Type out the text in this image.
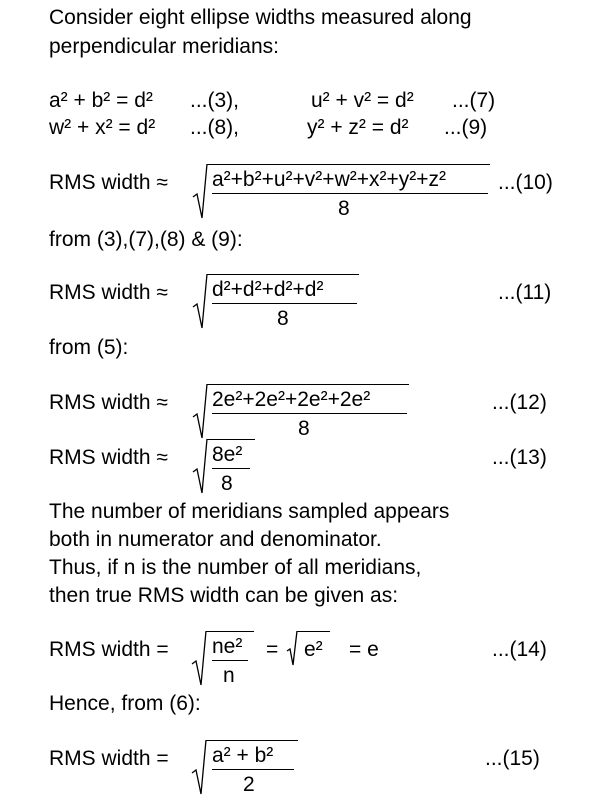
Consider eight ellipse widths measured along
perpendicular meridians:
a² + b² = d² ...(3),	u² + v² = d² ...(7)
w² + x² = d² ...(8),	y² + z² = d² ...(9)
RMS width ≈ a²+b²+u²+v²+w²+x²+y²+z²
8
...(10)
from (3),(7),(8) & (9):
RMS width ≈ d²+d²+d²+d²
8
...(11)
from (5):
RMS width ≈ 2e²+2e²+2e²+2e²
8
...(12)
RMS width ≈ 8e²
8
...(13)
The number of meridians sampled appears
both in numerator and denominator.
Thus, if n is the number of all meridians,
then true RMS width can be given as:
RMS width = ne²
n
= e² = e	...(14)
Hence, from (6):
RMS width = a² + b²
2
...(15)
